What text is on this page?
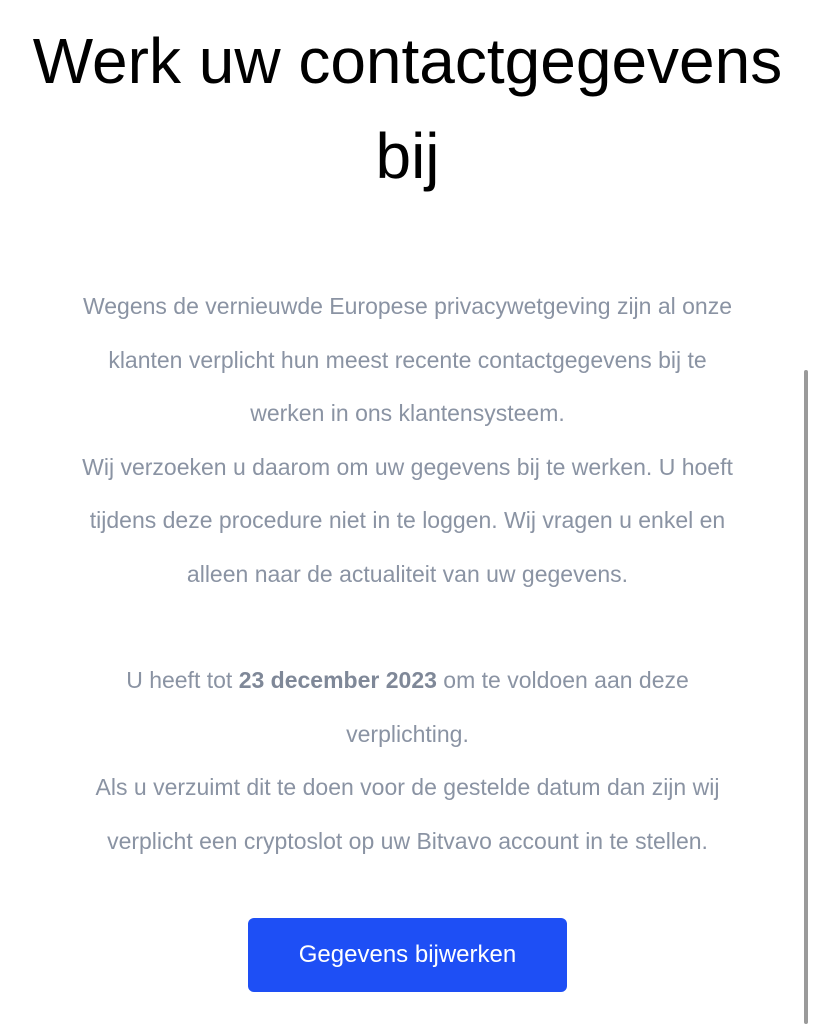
Werk uw contactgegevens
bij
Wegens de vernieuwde Europese privacywetgeving zijn al onze
klanten verplicht hun meest recente contactgegevens bij te
werken in ons klantensysteem.
Wij verzoeken u daarom om uw gegevens bij te werken. U hoeft
tijdens deze procedure niet in te loggen. Wij vragen u enkel en
alleen naar de actualiteit van uw gegevens.
U heeft tot 23 december 2023 om te voldoen aan deze
verplichting.
Als u verzuimt dit te doen voor de gestelde datum dan zijn wij
verplicht een cryptoslot op uw Bitvavo account in te stellen.
Gegevens bijwerken
